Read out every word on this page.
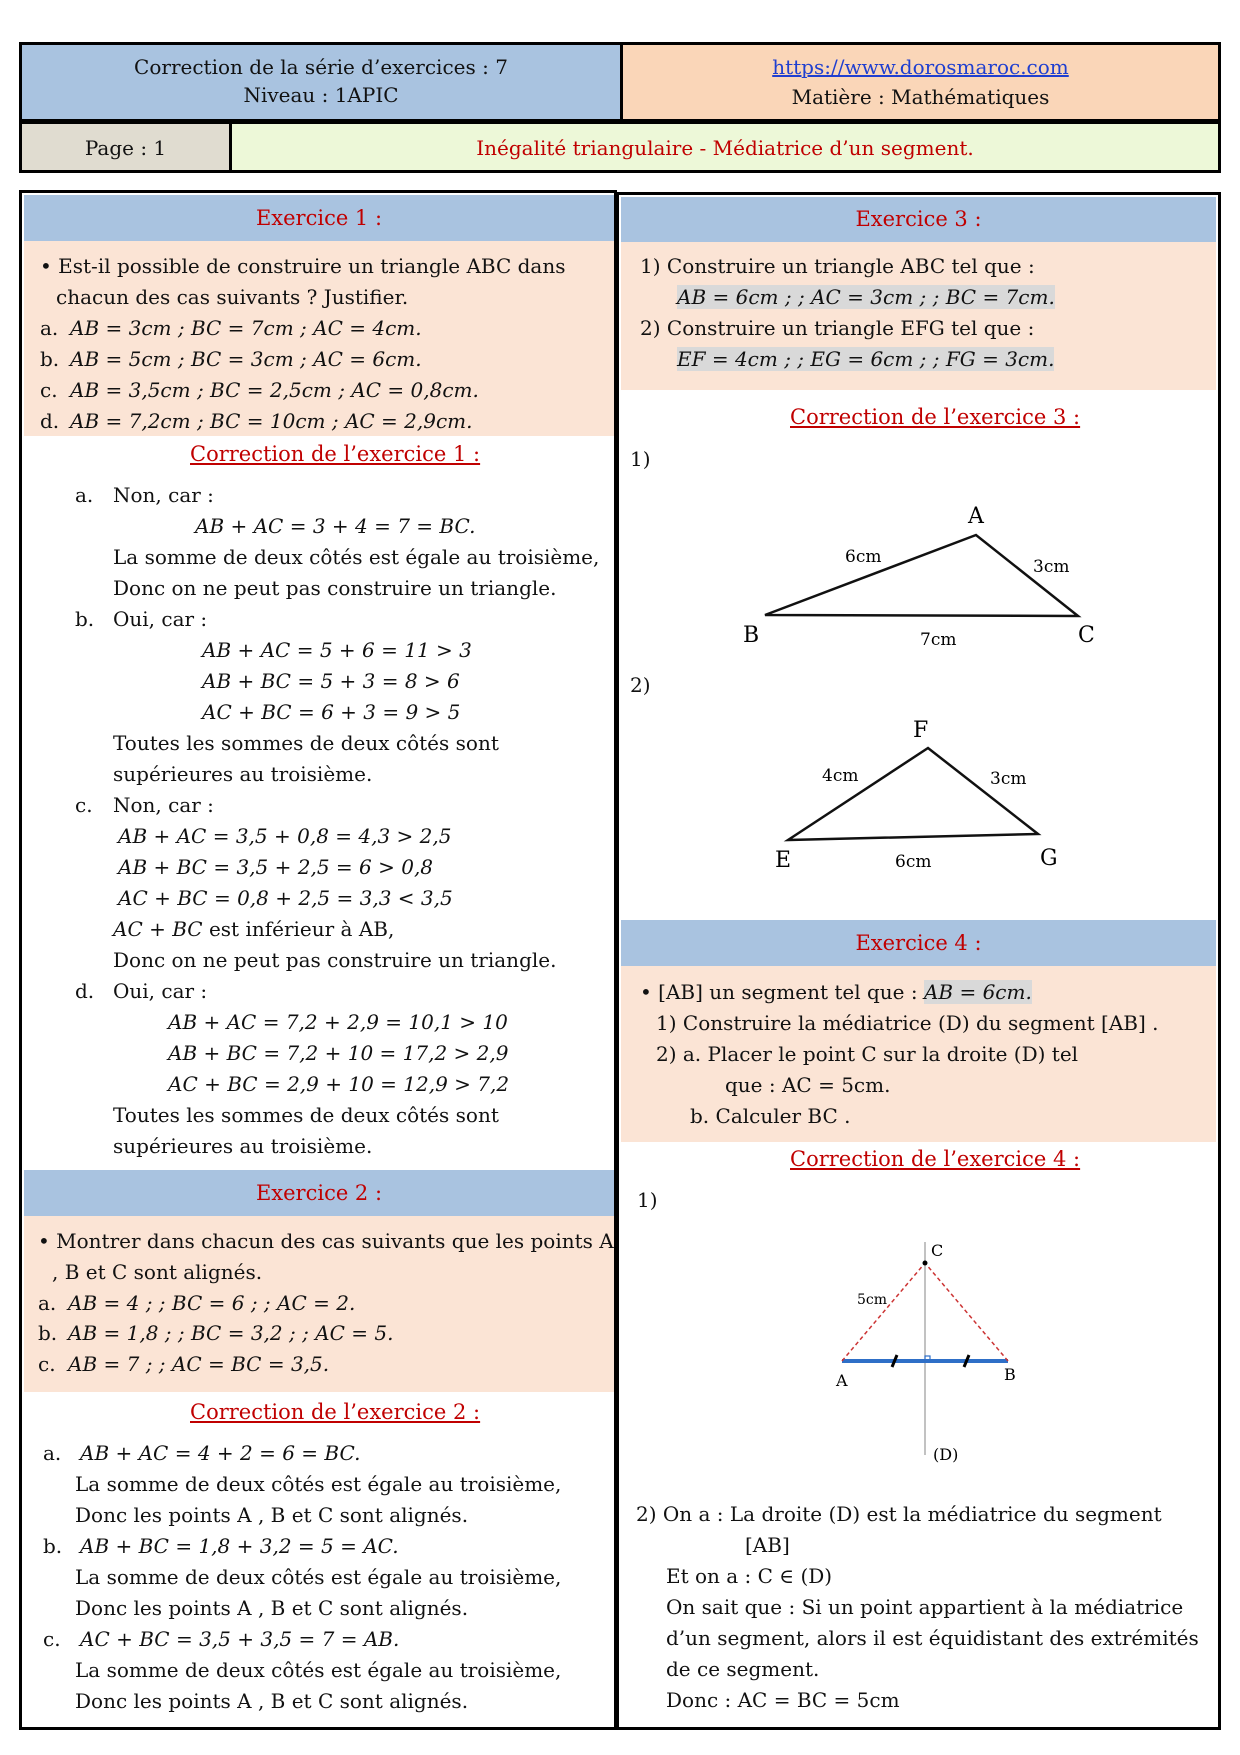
Correction de la série d’exercices : 7
Niveau : 1APIC
https://www.dorosmaroc.com
Matière : Mathématiques
Page : 1	Inégalité triangulaire - Médiatrice d’un segment.
Exercice 1 :
• Est-il possible de construire un triangle ABC dans
chacun des cas suivants ? Justifier.
a. AB = 3cm ; BC = 7cm ; AC = 4cm.
b. AB = 5cm ; BC = 3cm ; AC = 6cm.
c. AB = 3,5cm ; BC = 2,5cm ; AC = 0,8cm.
d. AB = 7,2cm ; BC = 10cm ; AC = 2,9cm.
Correction de l’exercice 1 :
a. Non, car :
AB + AC = 3 + 4 = 7 = BC.
La somme de deux côtés est égale au troisième,
Donc on ne peut pas construire un triangle.
b. Oui, car :
AB + AC = 5 + 6 = 11 > 3
AB + BC = 5 + 3 = 8 > 6
AC + BC = 6 + 3 = 9 > 5
Toutes les sommes de deux côtés sont
supérieures au troisième.
c. Non, car :
AB + AC = 3,5 + 0,8 = 4,3 > 2,5
AB + BC = 3,5 + 2,5 = 6 > 0,8
AC + BC = 0,8 + 2,5 = 3,3 < 3,5
AC + BC est inférieur à AB,
Donc on ne peut pas construire un triangle.
d. Oui, car :
AB + AC = 7,2 + 2,9 = 10,1 > 10
AB + BC = 7,2 + 10 = 17,2 > 2,9
AC + BC = 2,9 + 10 = 12,9 > 7,2
Toutes les sommes de deux côtés sont
supérieures au troisième.
Exercice 2 :
• Montrer dans chacun des cas suivants que les points A
, B et C sont alignés.
a. AB = 4 ; ; BC = 6 ; ; AC = 2.
b. AB = 1,8 ; ; BC = 3,2 ; ; AC = 5.
c. AB = 7 ; ; AC = BC = 3,5.
Correction de l’exercice 2 :
a. AB + AC = 4 + 2 = 6 = BC.
La somme de deux côtés est égale au troisième,
Donc les points A , B et C sont alignés.
b. AB + BC = 1,8 + 3,2 = 5 = AC.
La somme de deux côtés est égale au troisième,
Donc les points A , B et C sont alignés.
c. AC + BC = 3,5 + 3,5 = 7 = AB.
La somme de deux côtés est égale au troisième,
Donc les points A , B et C sont alignés.
Exercice 3 :
1) Construire un triangle ABC tel que :
AB = 6cm ; ; AC = 3cm ; ; BC = 7cm.
2) Construire un triangle EFG tel que :
EF = 4cm ; ; EG = 6cm ; ; FG = 3cm.
Correction de l’exercice 3 :
1)
A
B	C
6cm	3cm
7cm
2)
F
E	G
4cm	3cm
6cm
Exercice 4 :
• [AB] un segment tel que : AB = 6cm.
1) Construire la médiatrice (D) du segment [AB] .
2) a. Placer le point C sur la droite (D) tel
que : AC = 5cm.
b. Calculer BC .
Correction de l’exercice 4 :
1)
C
A	B
(D)
5cm
2) On a : La droite (D) est la médiatrice du segment
[AB]
Et on a : C ∈ (D)
On sait que : Si un point appartient à la médiatrice
d’un segment, alors il est équidistant des extrémités
de ce segment.
Donc : AC = BC = 5cm
